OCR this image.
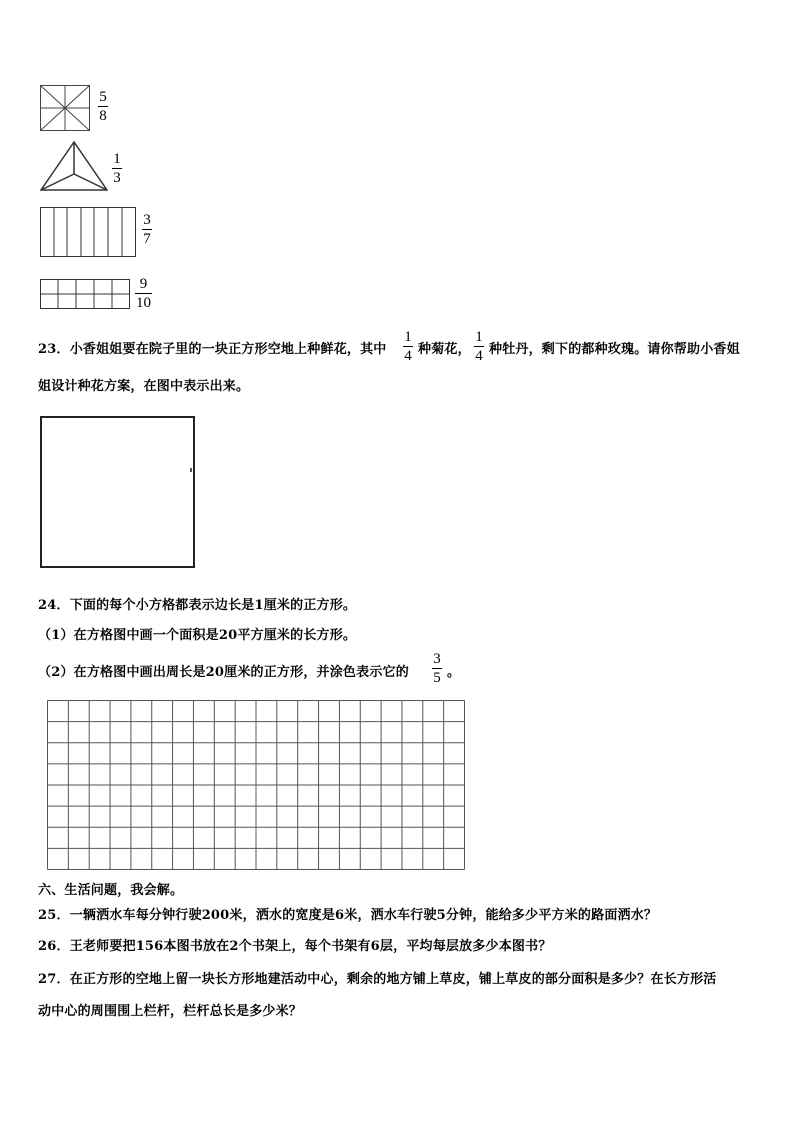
5
8
1
3
3
7
9
10
23．小香姐姐要在院子里的一块正方形空地上种鲜花，其中
1
4 种菊花，
1
4 种牡丹，剩下的都种玫瑰。请你帮助小香姐
姐设计种花方案，在图中表示出来。
24．下面的每个小方格都表示边长是1厘米的正方形。
（1）在方格图中画一个面积是20平方厘米的长方形。
（2）在方格图中画出周长是20厘米的正方形，并涂色表示它的
3
5 。
六、生活问题，我会解。
25．一辆洒水车每分钟行驶200米，洒水的宽度是6米，洒水车行驶5分钟，能给多少平方米的路面洒水？
26．王老师要把156本图书放在2个书架上，每个书架有6层，平均每层放多少本图书？
27．在正方形的空地上留一块长方形地建活动中心，剩余的地方铺上草皮，铺上草皮的部分面积是多少？在长方形活
动中心的周围围上栏杆，栏杆总长是多少米？
